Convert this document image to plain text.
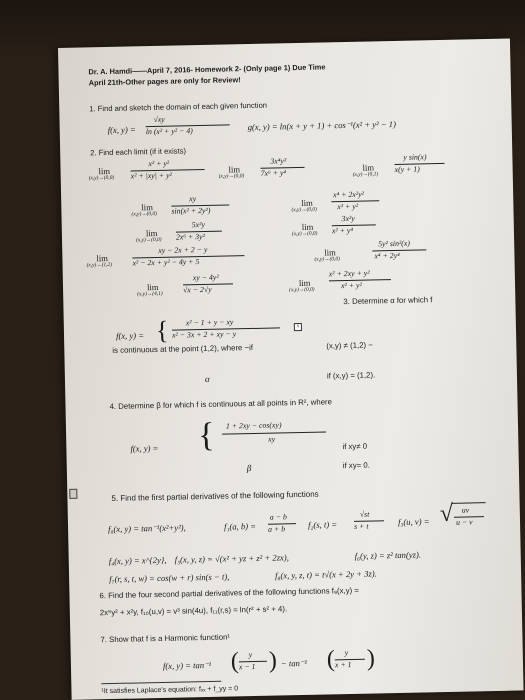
Dr. A. Hamdi——April 7, 2016- Homework 2- (Only page 1) Due Time
April 21th-Other pages are only for Review!
1. Find and sketch the domain of each given function
f(x, y) =
√xy
ln (x² + y² − 4)	g(x, y) = ln(x + y + 1) + cos⁻¹(x² + y² − 1)
2. Find each limit (if it exists)
lim
(x,y)→(0,0)
x² + y²
x² + |xy| + y²
lim
(x,y)→(0,0)
3x⁴y²
7x⁶ + y⁴
lim
(x,y)→(0,1)
y sin(x)
x(y + 1)
lim
(x,y)→(0,0)
xy
sin(x² + 2y²)
lim
(x,y)→(0,0)
x⁴ + 2x²y²
x² + y²
lim
(x,y)→(0,0)
5x²y
2x⁶ + 3y²
lim
(x,y)→(0,0)
3x²y
x² + y⁴
lim
(x,y)→(1,2)
xy − 2x + 2 − y
x² − 2x + y² − 4y + 5
lim
(x,y)→(0,0)
5y² sin²(x)
x⁴ + 2y⁴
lim
(x,y)→(4,1)
xy − 4y²
√x − 2√y
lim
(x,y)→(0,0)
x² + 2xy + y²
x² + y²
3. Determine α for which f
f(x, y) = { x² − 1 + y − xy
x² − 3x + 2 + xy − y
x
is continuous at the point (1,2), where −if	(x,y) ≠ (1,2) −
α	if (x,y) = (1,2).
4. Determine β for which f is continuous at all points in R², where
f(x, y) = { 1 + 2xy − cos(xy)
xy
if xy≠ 0
β	if xy= 0.
5. Find the first partial derivatives of the following functions
f₀(x, y) = tan⁻¹(x²+y²),	f₁(a, b) =
a − b
a + b	f₂(s, t) =
√st
s + t	f₃(u, v) = √ uv
u − v
f₄(x, y) = x^{2y}, f₅(x, y, z) = √(x² + yz + z² + 2zx),	f₆(y, z) = z² tan(yz).
f₇(r, s, t, w) = cos(w + r) sin(s − t),	f₈(x, y, z, t) = t√(x + 2y + 3z).
6. Find the four second partial derivatives of the following functions f₉(x,y) =
2x⁵y² + x²y, f₁₀(u,v) = v³ sin(4u), f₁₁(r,s) = ln(r² + s² + 4).
7. Show that f is a Harmonic function¹
f(x, y) = tan⁻¹ ( y
x − 1 ) − tan⁻¹ ( y
x + 1 )
¹It satisfies Laplace's equation: fₓₓ + f_yy = 0
